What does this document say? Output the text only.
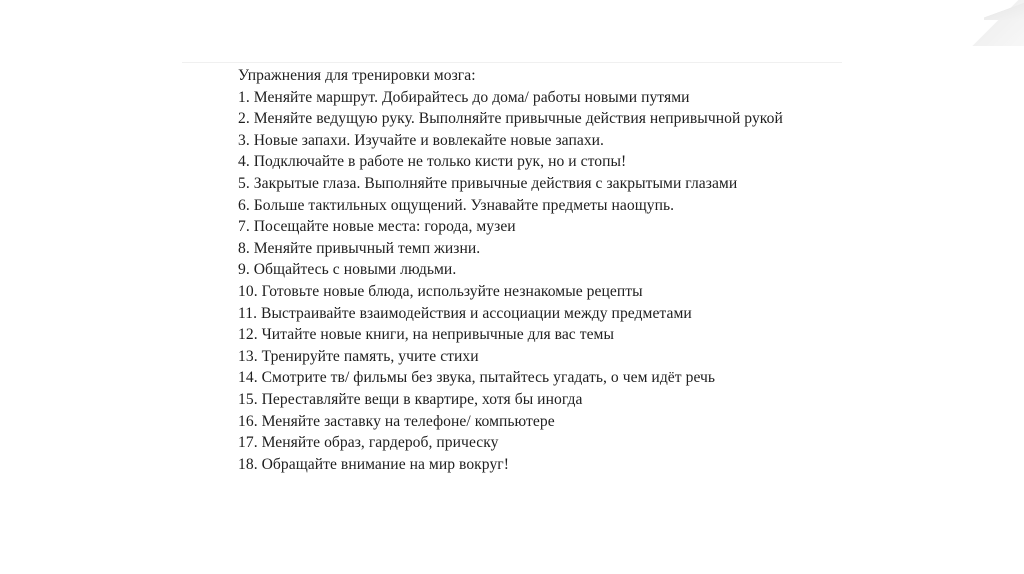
Упражнения для тренировки мозга:
1. Меняйте маршрут. Добирайтесь до дома/ работы новыми путями
2. Меняйте ведущую руку. Выполняйте привычные действия непривычной рукой
3. Новые запахи. Изучайте и вовлекайте новые запахи.
4. Подключайте в работе не только кисти рук, но и стопы!
5. Закрытые глаза. Выполняйте привычные действия с закрытыми глазами
6. Больше тактильных ощущений. Узнавайте предметы наощупь.
7. Посещайте новые места: города, музеи
8. Меняйте привычный темп жизни.
9. Общайтесь с новыми людьми.
10. Готовьте новые блюда, используйте незнакомые рецепты
11. Выстраивайте взаимодействия и ассоциации между предметами
12. Читайте новые книги, на непривычные для вас темы
13. Тренируйте память, учите стихи
14. Смотрите тв/ фильмы без звука, пытайтесь угадать, о чем идёт речь
15. Переставляйте вещи в квартире, хотя бы иногда
16. Меняйте заставку на телефоне/ компьютере
17. Меняйте образ, гардероб, прическу
18. Обращайте внимание на мир вокруг!
